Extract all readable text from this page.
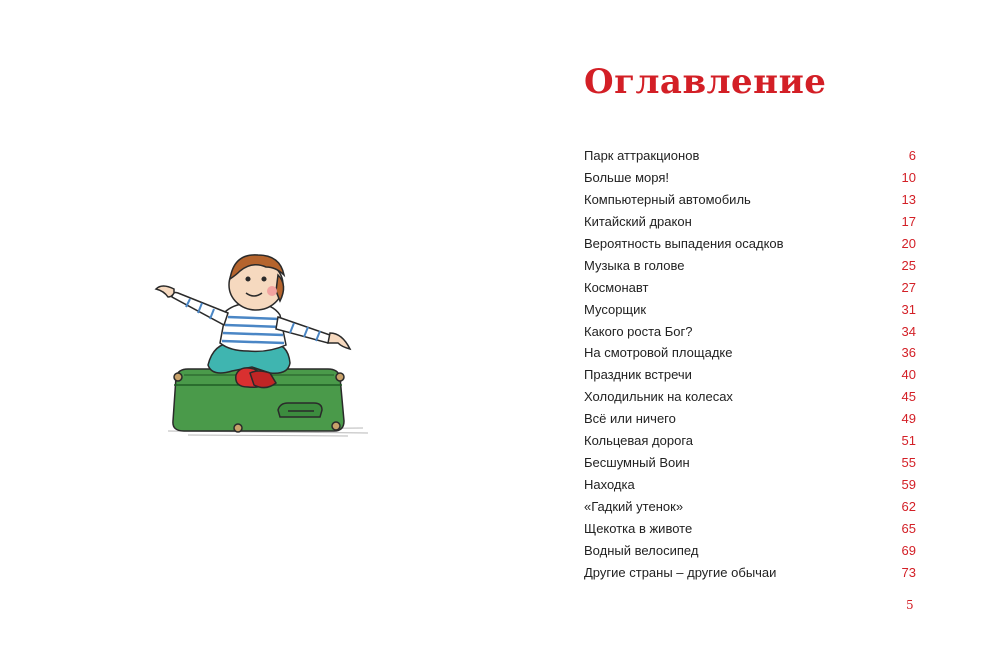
Оглавление
Парк аттракционов	6
Больше моря!	10
Компьютерный автомобиль	13
Китайский дракон	17
Вероятность выпадения осадков	20
Музыка в голове	25
Космонавт	27
Мусорщик	31
Какого роста Бог?	34
На смотровой площадке	36
Праздник встречи	40
Холодильник на колесах	45
Всё или ничего	49
Кольцевая дорога	51
Бесшумный Воин	55
Находка	59
«Гадкий утенок»	62
Щекотка в животе	65
Водный велосипед	69
Другие страны – другие обычаи	73
5
